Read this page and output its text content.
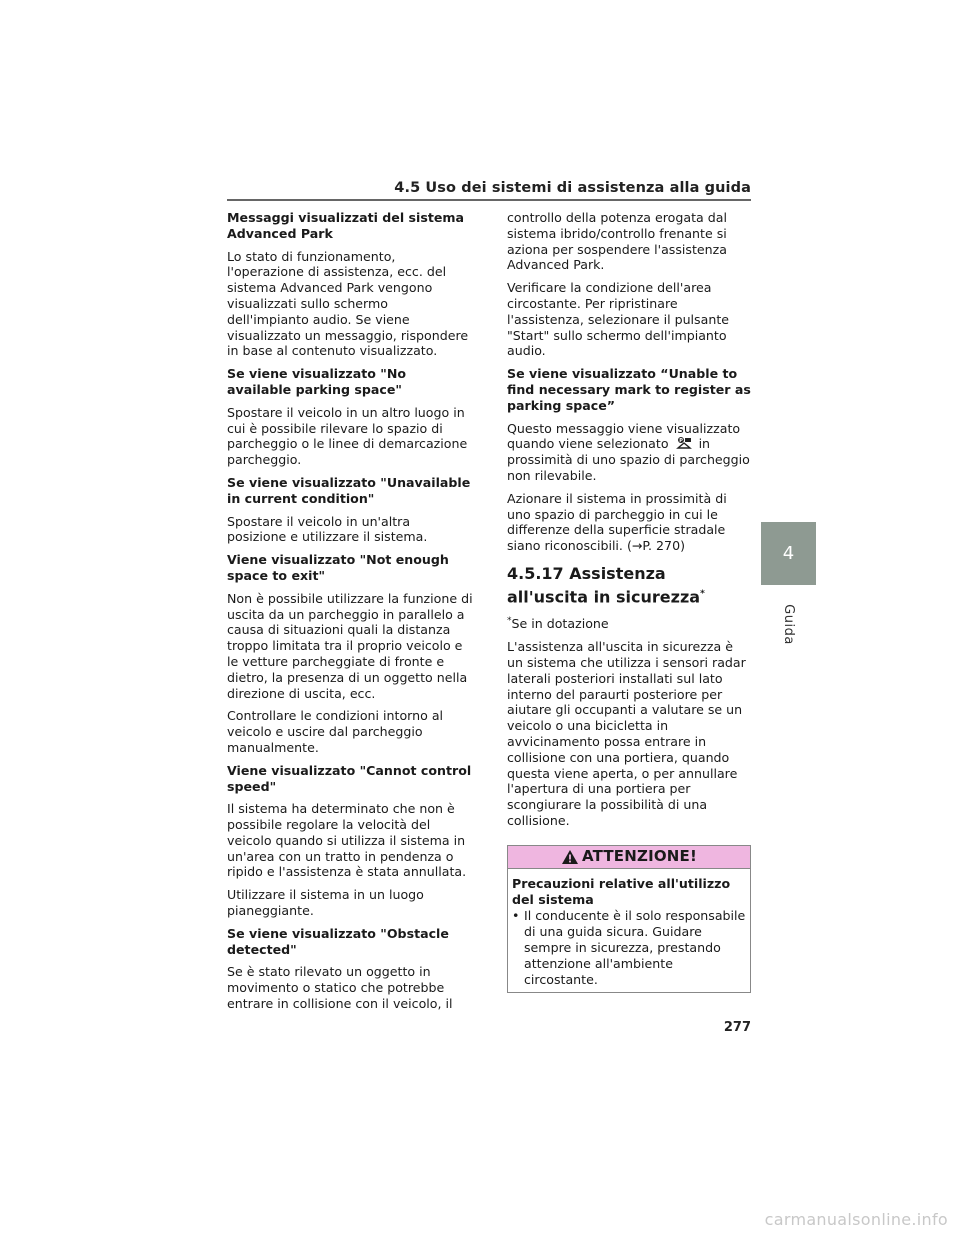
4.5 Uso dei sistemi di assistenza alla guida

Messaggi visualizzati del sistema Advanced Park

Lo stato di funzionamento, l'operazione di assistenza, ecc. del sistema Advanced Park vengono visualizzati sullo schermo dell'impianto audio. Se viene visualizzato un messaggio, rispondere in base al contenuto visualizzato.

Se viene visualizzato "No available parking space"

Spostare il veicolo in un altro luogo in cui è possibile rilevare lo spazio di parcheggio o le linee di demarcazione parcheggio.

Se viene visualizzato "Unavailable in current condition"

Spostare il veicolo in un'altra posizione e utilizzare il sistema.

Viene visualizzato "Not enough space to exit"

Non è possibile utilizzare la funzione di uscita da un parcheggio in parallelo a causa di situazioni quali la distanza troppo limitata tra il proprio veicolo e le vetture parcheggiate di fronte e dietro, la presenza di un oggetto nella direzione di uscita, ecc.

Controllare le condizioni intorno al veicolo e uscire dal parcheggio manualmente.

Viene visualizzato "Cannot control speed"

Il sistema ha determinato che non è possibile regolare la velocità del veicolo quando si utilizza il sistema in un'area con un tratto in pendenza o ripido e l'assistenza è stata annullata.

Utilizzare il sistema in un luogo pianeggiante.

Se viene visualizzato "Obstacle detected"

Se è stato rilevato un oggetto in movimento o statico che potrebbe entrare in collisione con il veicolo, il

controllo della potenza erogata dal sistema ibrido/controllo frenante si aziona per sospendere l'assistenza Advanced Park.

Verificare la condizione dell'area circostante. Per ripristinare l'assistenza, selezionare il pulsante "Start" sullo schermo dell'impianto audio.

Se viene visualizzato “Unable to find necessary mark to register as parking space”

Questo messaggio viene visualizzato quando viene selezionato P in prossimità di uno spazio di parcheggio non rilevabile.

Azionare il sistema in prossimità di uno spazio di parcheggio in cui le differenze della superficie stradale siano riconoscibili. (→P. 270)

4.5.17 Assistenza all'uscita in sicurezza*

*Se in dotazione

L'assistenza all'uscita in sicurezza è un sistema che utilizza i sensori radar laterali posteriori installati sul lato interno del paraurti posteriore per aiutare gli occupanti a valutare se un veicolo o una bicicletta in avvicinamento possa entrare in collisione con una portiera, quando questa viene aperta, o per annullare l'apertura di una portiera per scongiurare la possibilità di una collisione.

ATTENZIONE!

Precauzioni relative all'utilizzo del sistema

• Il conducente è il solo responsabile di una guida sicura. Guidare sempre in sicurezza, prestando attenzione all'ambiente circostante.
4
Guida
277
carmanualsonline.info
